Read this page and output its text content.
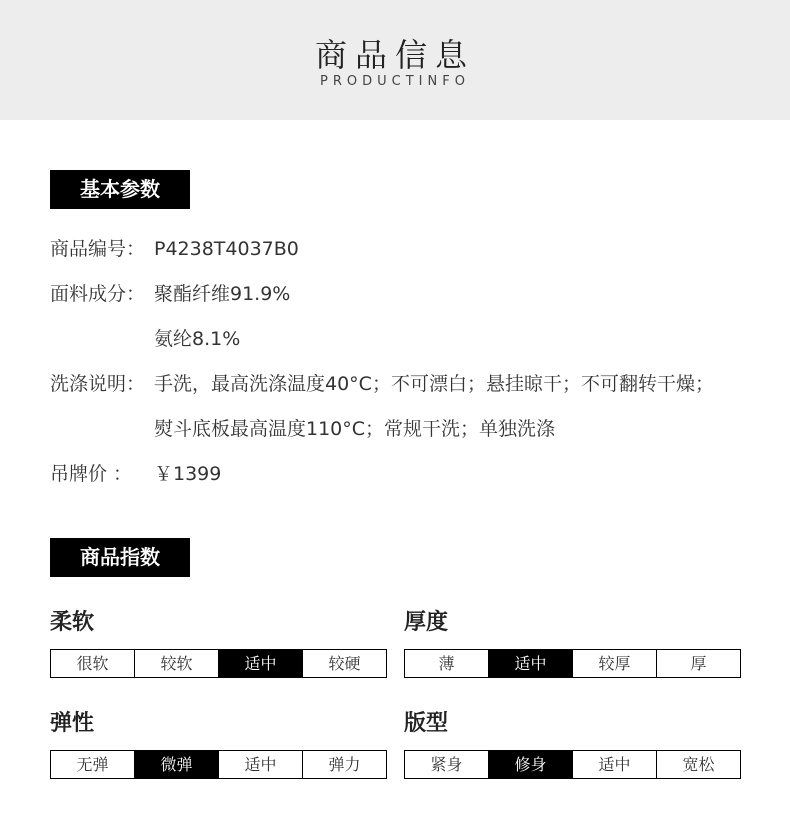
商品信息
PRODUCTINFO
基本参数
商品编号： P4238T4037B0
面料成分： 聚酯纤维91.9%
氨纶8.1%
洗涤说明： 手洗，最高洗涤温度40°C；不可漂白；悬挂晾干；不可翻转干燥；
熨斗底板最高温度110°C；常规干洗；单独洗涤
吊牌价 ： ￥1399
商品指数
柔软
很软	较软	适中	较硬
厚度
薄	适中	较厚	厚
弹性
无弹	微弹	适中	弹力
版型
紧身	修身	适中	宽松
